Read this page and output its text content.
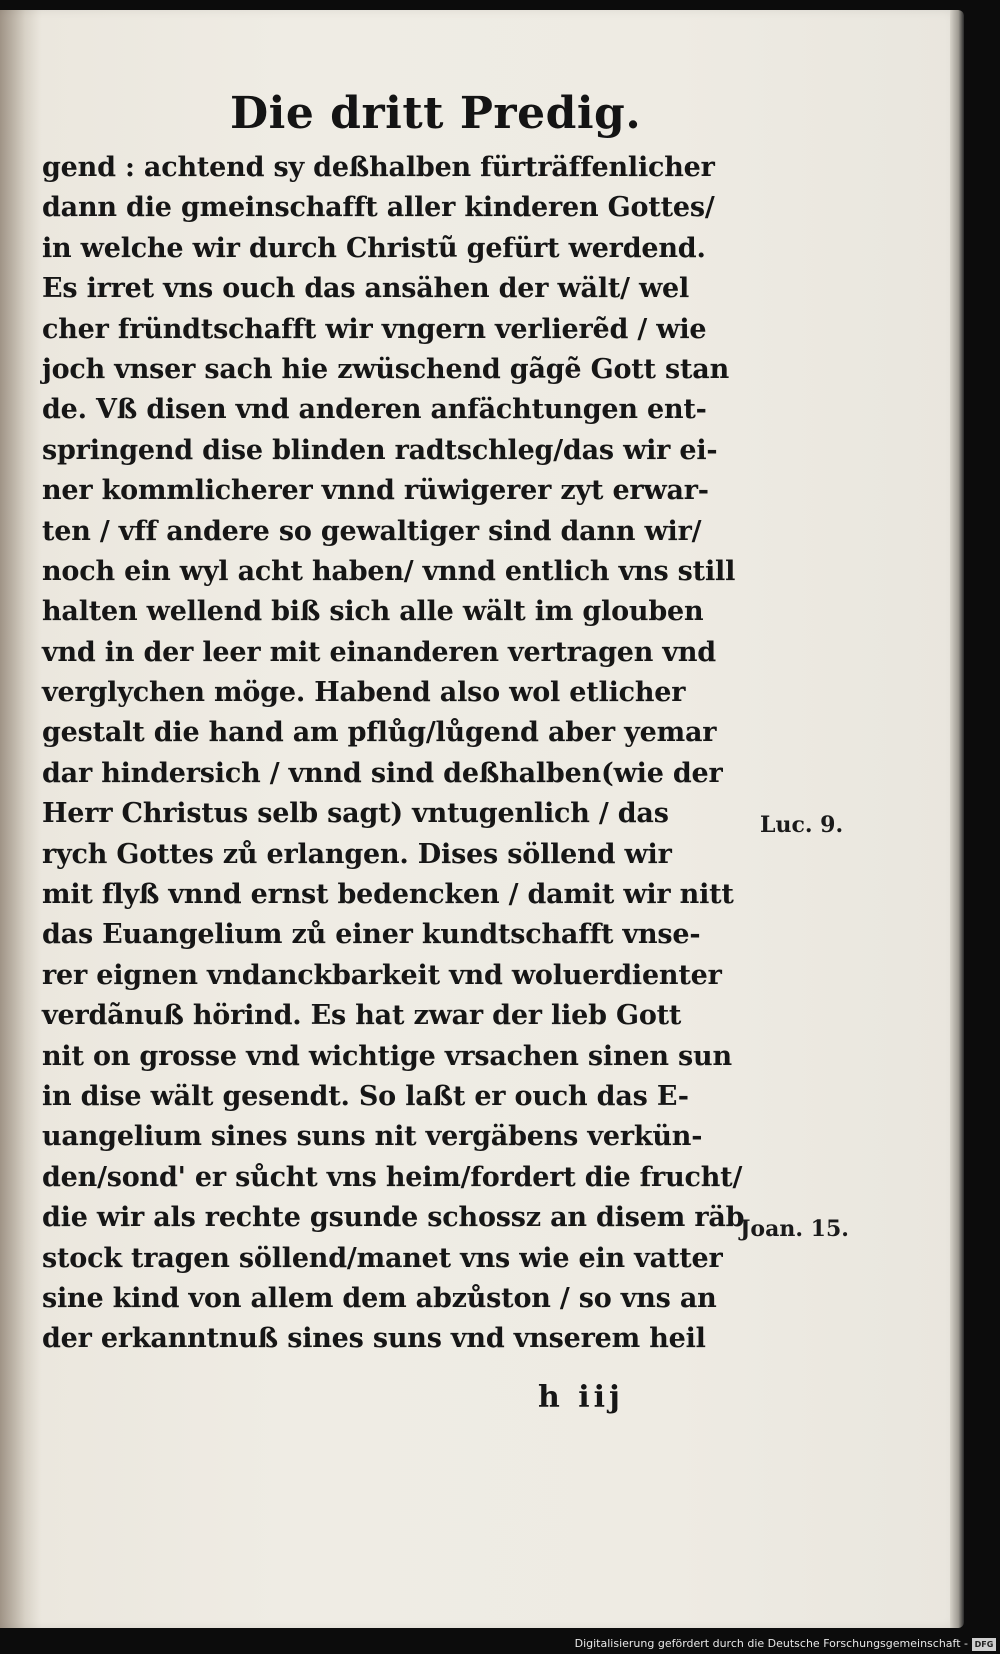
Die dritt Predig.
gend : achtend sy deßhalben fürträffenlicher
dann die gmeinschafft aller kinderen Gottes/
in welche wir durch Christũ gefürt werdend.
Es irret vns ouch das ansähen der wält/ wel
cher fründtschafft wir vngern verlierẽd / wie
joch vnser sach hie zwüschend gãgẽ Gott stan
de. Vß disen vnd anderen anfächtungen ent-
springend dise blinden radtschleg/das wir ei-
ner kommlicherer vnnd rüwigerer zyt erwar-
ten / vff andere so gewaltiger sind dann wir/
noch ein wyl acht haben/ vnnd entlich vns still
halten wellend biß sich alle wält im glouben
vnd in der leer mit einanderen vertragen vnd
verglychen möge. Habend also wol etlicher
gestalt die hand am pflůg/lůgend aber yemar
dar hindersich / vnnd sind deßhalben(wie der
Herr Christus selb sagt) vntugenlich / das
rych Gottes zů erlangen. Dises söllend wir
mit flyß vnnd ernst bedencken / damit wir nitt
das Euangelium zů einer kundtschafft vnse-
rer eignen vndanckbarkeit vnd woluerdienter
verdãnuß hörind. Es hat zwar der lieb Gott
nit on grosse vnd wichtige vrsachen sinen sun
in dise wält gesendt. So laßt er ouch das E-
uangelium sines suns nit vergäbens verkün-
den/sond' er sůcht vns heim/fordert die frucht/
die wir als rechte gsunde schossz an disem räb
stock tragen söllend/manet vns wie ein vatter
sine kind von allem dem abzůston / so vns an
der erkanntnuß sines suns vnd vnserem heil
Luc. 9.
Joan. 15.
h iij
Digitalisierung gefördert durch die Deutsche Forschungsgemeinschaft - DFG
